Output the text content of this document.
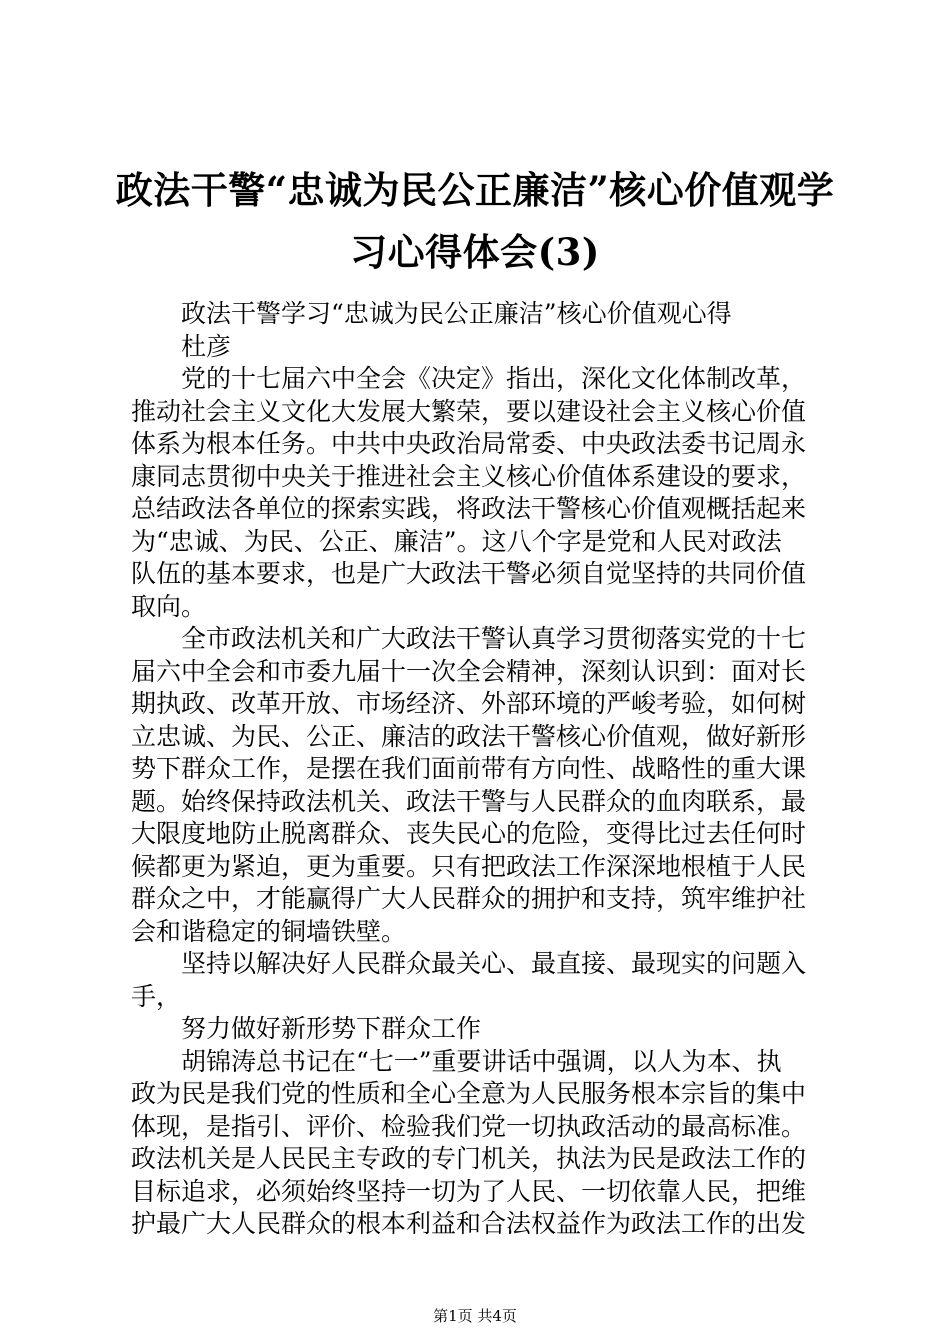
政法干警“忠诚为民公正廉洁”核心价值观学
习心得体会(3)
政法干警学习“忠诚为民公正廉洁”核心价值观心得
杜彦
党的十七届六中全会《决定》指出，深化文化体制改革，
推动社会主义文化大发展大繁荣，要以建设社会主义核心价值
体系为根本任务。中共中央政治局常委、中央政法委书记周永
康同志贯彻中央关于推进社会主义核心价值体系建设的要求，
总结政法各单位的探索实践，将政法干警核心价值观概括起来
为“忠诚、为民、公正、廉洁”。这八个字是党和人民对政法
队伍的基本要求，也是广大政法干警必须自觉坚持的共同价值
取向。
全市政法机关和广大政法干警认真学习贯彻落实党的十七
届六中全会和市委九届十一次全会精神，深刻认识到：面对长
期执政、改革开放、市场经济、外部环境的严峻考验，如何树
立忠诚、为民、公正、廉洁的政法干警核心价值观，做好新形
势下群众工作，是摆在我们面前带有方向性、战略性的重大课
题。始终保持政法机关、政法干警与人民群众的血肉联系，最
大限度地防止脱离群众、丧失民心的危险，变得比过去任何时
候都更为紧迫，更为重要。只有把政法工作深深地根植于人民
群众之中，才能赢得广大人民群众的拥护和支持，筑牢维护社
会和谐稳定的铜墙铁壁。
坚持以解决好人民群众最关心、最直接、最现实的问题入
手，
努力做好新形势下群众工作
胡锦涛总书记在“七一”重要讲话中强调，以人为本、执
政为民是我们党的性质和全心全意为人民服务根本宗旨的集中
体现，是指引、评价、检验我们党一切执政活动的最高标准。
政法机关是人民民主专政的专门机关，执法为民是政法工作的
目标追求，必须始终坚持一切为了人民、一切依靠人民，把维
护最广大人民群众的根本利益和合法权益作为政法工作的出发
第1页 共4页
